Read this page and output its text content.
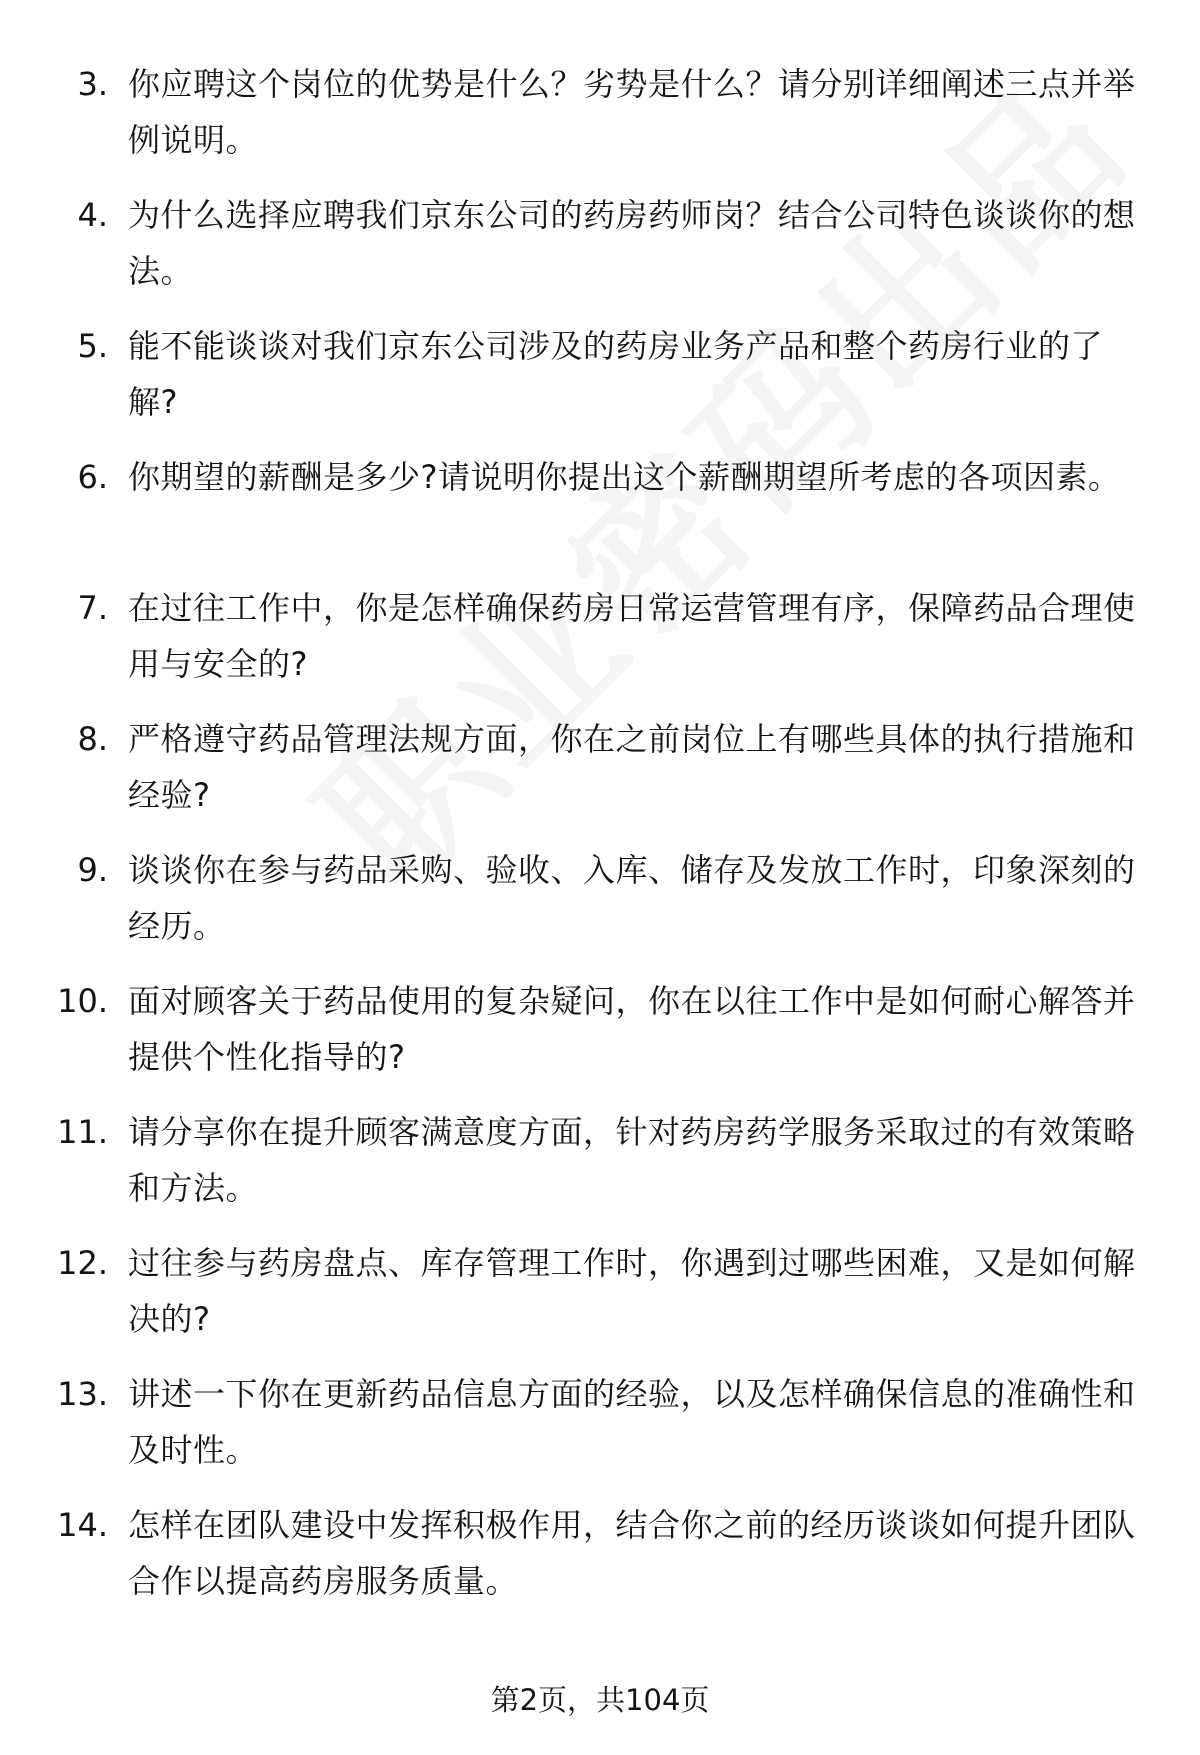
3. 你应聘这个岗位的优势是什么？劣势是什么？请分别详细阐述三点并举例说明。
4. 为什么选择应聘我们京东公司的药房药师岗？结合公司特色谈谈你的想法。
5. 能不能谈谈对我们京东公司涉及的药房业务产品和整个药房行业的了解?
6. 你期望的薪酬是多少?请说明你提出这个薪酬期望所考虑的各项因素。
7. 在过往工作中，你是怎样确保药房日常运营管理有序，保障药品合理使用与安全的?
8. 严格遵守药品管理法规方面，你在之前岗位上有哪些具体的执行措施和经验?
9. 谈谈你在参与药品采购、验收、入库、储存及发放工作时，印象深刻的经历。
10. 面对顾客关于药品使用的复杂疑问，你在以往工作中是如何耐心解答并提供个性化指导的?
11. 请分享你在提升顾客满意度方面，针对药房药学服务采取过的有效策略和方法。
12. 过往参与药房盘点、库存管理工作时，你遇到过哪些困难，又是如何解决的?
13. 讲述一下你在更新药品信息方面的经验，以及怎样确保信息的准确性和及时性。
14. 怎样在团队建设中发挥积极作用，结合你之前的经历谈谈如何提升团队合作以提高药房服务质量。
第2页，共104页
